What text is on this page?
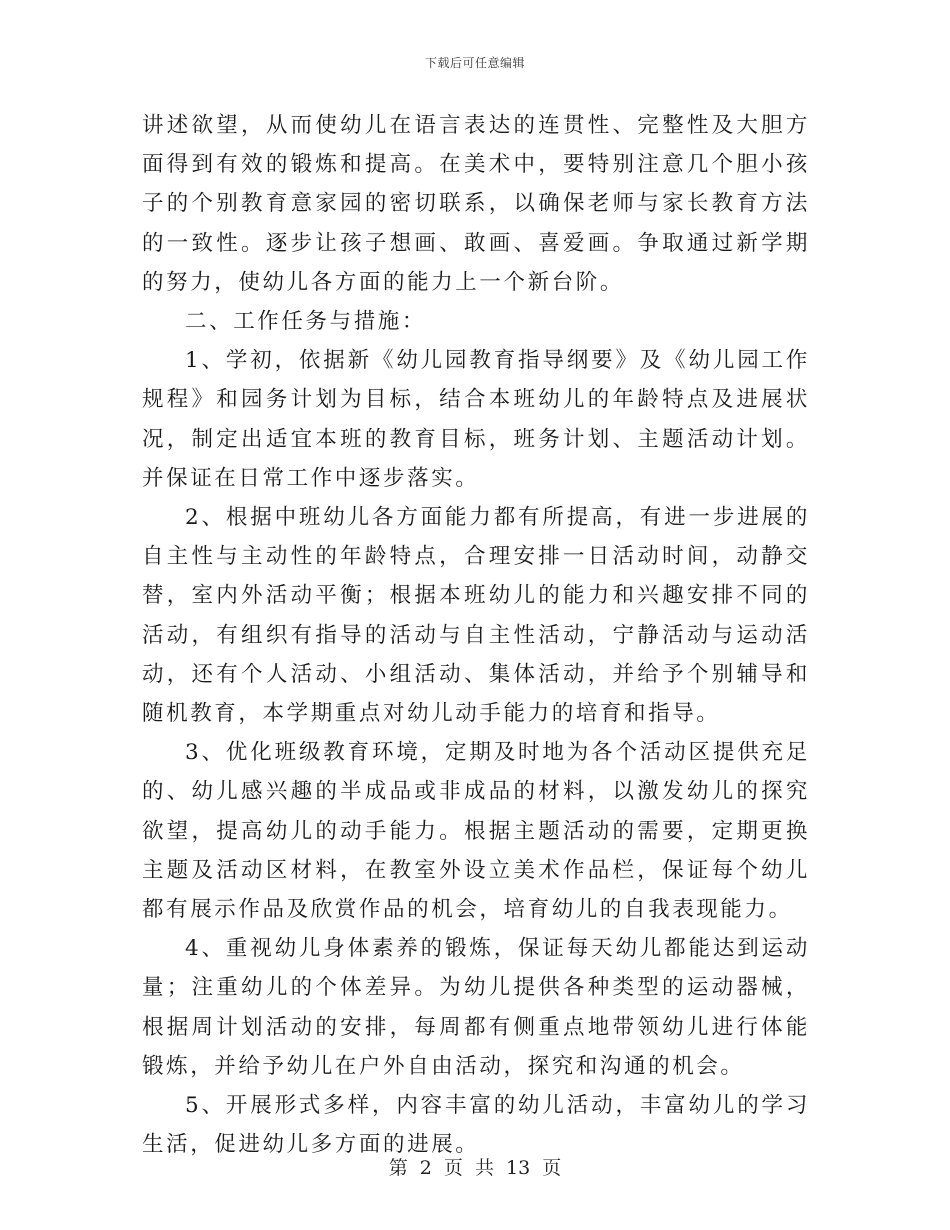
下载后可任意编辑

讲述欲望，从而使幼儿在语言表达的连贯性、完整性及大胆方面得到有效的锻炼和提高。在美术中，要特别注意几个胆小孩子的个别教育意家园的密切联系，以确保老师与家长教育方法的一致性。逐步让孩子想画、敢画、喜爱画。争取通过新学期的努力，使幼儿各方面的能力上一个新台阶。

二、工作任务与措施：

1、学初，依据新《幼儿园教育指导纲要》及《幼儿园工作规程》和园务计划为目标，结合本班幼儿的年龄特点及进展状况，制定出适宜本班的教育目标，班务计划、主题活动计划。并保证在日常工作中逐步落实。

2、根据中班幼儿各方面能力都有所提高，有进一步进展的自主性与主动性的年龄特点，合理安排一日活动时间，动静交替，室内外活动平衡；根据本班幼儿的能力和兴趣安排不同的活动，有组织有指导的活动与自主性活动，宁静活动与运动活动，还有个人活动、小组活动、集体活动，并给予个别辅导和随机教育，本学期重点对幼儿动手能力的培育和指导。

3、优化班级教育环境，定期及时地为各个活动区提供充足的、幼儿感兴趣的半成品或非成品的材料，以激发幼儿的探究欲望，提高幼儿的动手能力。根据主题活动的需要，定期更换主题及活动区材料，在教室外设立美术作品栏，保证每个幼儿都有展示作品及欣赏作品的机会，培育幼儿的自我表现能力。

4、重视幼儿身体素养的锻炼，保证每天幼儿都能达到运动量；注重幼儿的个体差异。为幼儿提供各种类型的运动器械，根据周计划活动的安排，每周都有侧重点地带领幼儿进行体能锻炼，并给予幼儿在户外自由活动，探究和沟通的机会。

5、开展形式多样，内容丰富的幼儿活动，丰富幼儿的学习生活，促进幼儿多方面的进展。

第 2 页 共 13 页
